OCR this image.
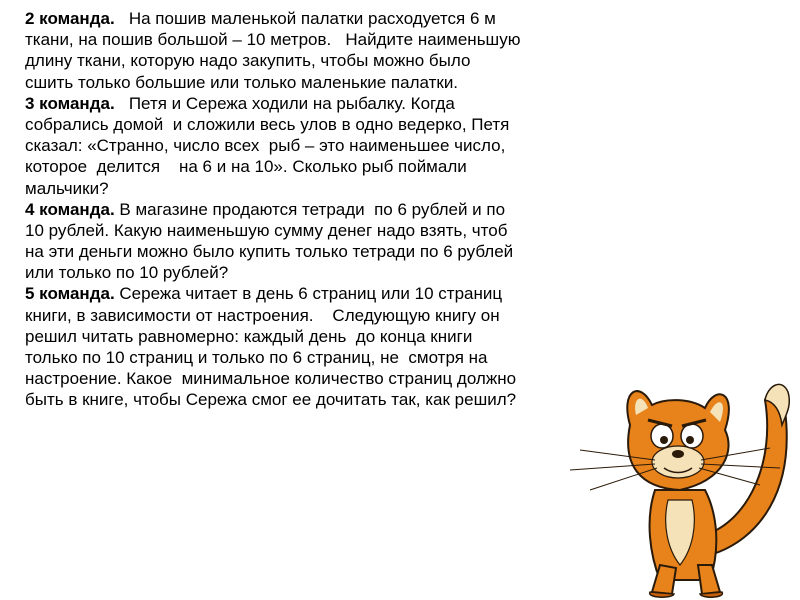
2 команда.   На пошив маленькой палатки расходуется 6 м
ткани, на пошив большой – 10 метров.   Найдите наименьшую
длину ткани, которую надо закупить, чтобы можно было
сшить только большие или только маленькие палатки.
3 команда.   Петя и Сережа ходили на рыбалку. Когда
собрались домой  и сложили весь улов в одно ведерко, Петя
сказал: «Странно, число всех  рыб – это наименьшее число,
которое  делится    на 6 и на 10». Сколько рыб поймали
мальчики?
4 команда. В магазине продаются тетради  по 6 рублей и по
10 рублей. Какую наименьшую сумму денег надо взять, чтоб
на эти деньги можно было купить только тетради по 6 рублей
или только по 10 рублей?
5 команда. Сережа читает в день 6 страниц или 10 страниц
книги, в зависимости от настроения.    Следующую книгу он
решил читать равномерно: каждый день  до конца книги
только по 10 страниц и только по 6 страниц, не  смотря на
настроение. Какое  минимальное количество страниц должно
быть в книге, чтобы Сережа смог ее дочитать так, как решил?
